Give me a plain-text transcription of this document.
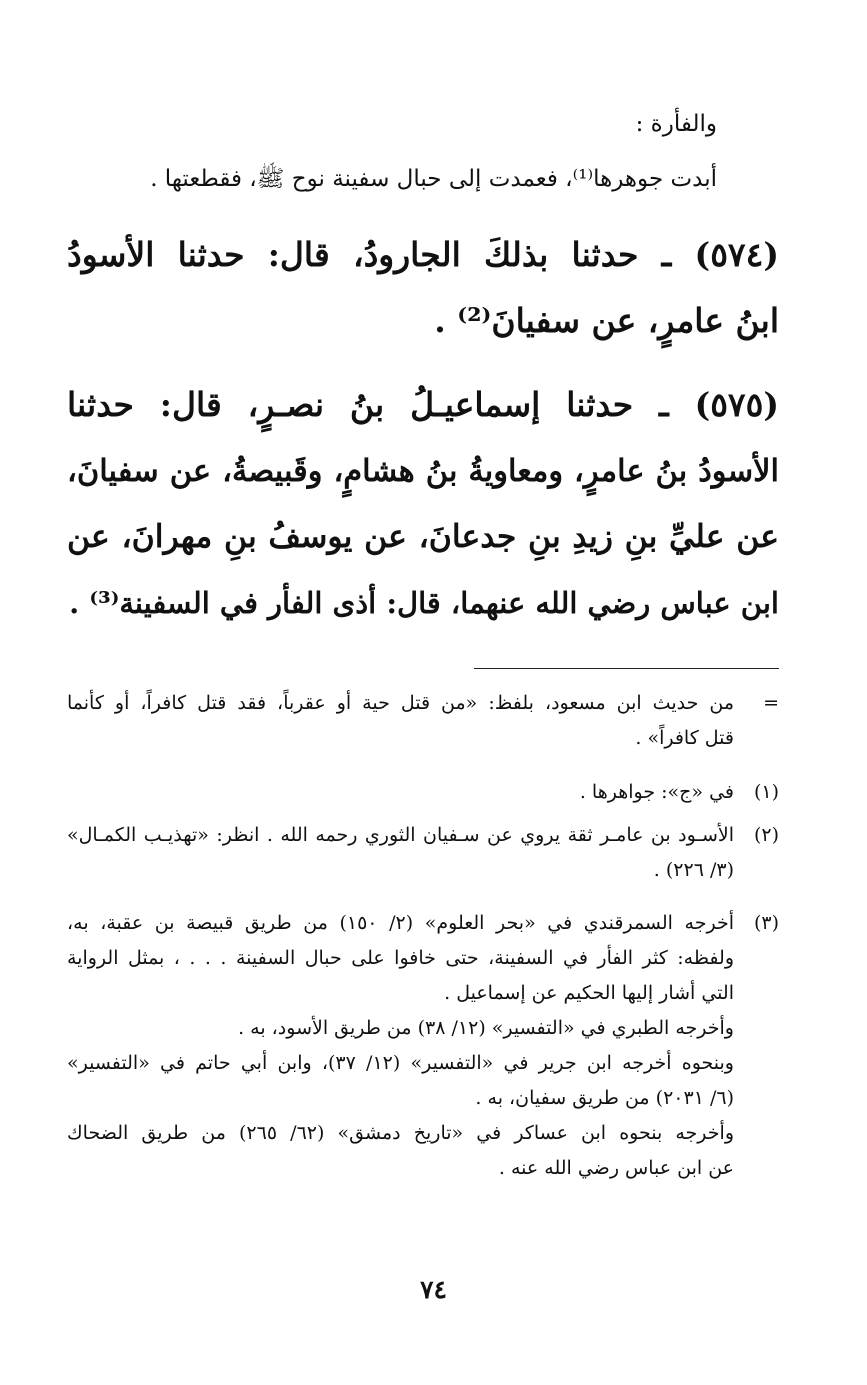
والفأرة :
أبدت جوهرها⁽¹⁾، فعمدت إلى حبال سفينة نوح ﷺ، فقطعتها .
(٥٧٤) ـ حدثنا بذلكَ الجارودُ، قال: حدثنا الأسودُ
ابنُ عامرٍ، عن سفيانَ⁽²⁾ .
(٥٧٥) ـ حدثنا إسماعيـلُ بنُ نصـرٍ، قال: حدثنا
الأسودُ بنُ عامرٍ، ومعاويةُ بنُ هشامٍ، وقَبيصةُ، عن سفيانَ،
عن عليِّ بنِ زيدِ بنِ جدعانَ، عن يوسفُ بنِ مهرانَ، عن
ابن عباس رضي الله عنهما، قال: أذى الفأر في السفينة⁽³⁾ .
=
من حديث ابن مسعود، بلفظ: «من قتل حية أو عقرباً، فقد قتل كافراً، أو كأنما
قتل كافراً» .
(١)
في «ج»: جواهرها .
(٢)
الأسـود بن عامـر ثقة يروي عن سـفيان الثوري رحمه الله . انظر: «تهذيـب الكمـال»
(٣/ ٢٢٦) .
(٣)
أخرجه السمرقندي في «بحر العلوم» (٢/ ١٥٠) من طريق قبيصة بن عقبة، به،
ولفظه: كثر الفأر في السفينة، حتى خافوا على حبال السفينة . . . ، بمثل الرواية
التي أشار إليها الحكيم عن إسماعيل .
وأخرجه الطبري في «التفسير» (١٢/ ٣٨) من طريق الأسود، به .
وبنحوه أخرجه ابن جرير في «التفسير» (١٢/ ٣٧)، وابن أبي حاتم في «التفسير»
(٦/ ٢٠٣١) من طريق سفيان، به .
وأخرجه بنحوه ابن عساكر في «تاريخ دمشق» (٦٢/ ٢٦٥) من طريق الضحاك
عن ابن عباس رضي الله عنه .
٧٤
